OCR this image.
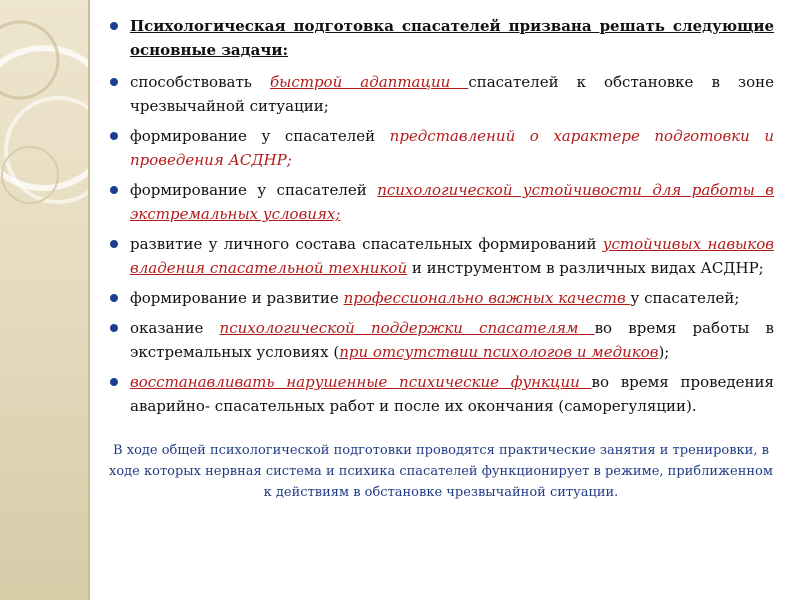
Психологическая подготовка спасателей призвана решать следующие основные задачи:
способствовать быстрой адаптации спасателей к обстановке в зоне чрезвычайной ситуации;
формирование у спасателей представлений о характере подготовки и проведения АСДНР;
формирование у спасателей психологической устойчивости для работы в экстремальных условиях;
развитие у личного состава спасательных формирований устойчивых навыков владения спасательной техникой и инструментом в различных видах АСДНР;
формирование и развитие профессионально важных качеств у спасателей;
оказание психологической поддержки спасателям во время работы в экстремальных условиях (при отсутствии психологов и медиков);
восстанавливать нарушенные психические функции во время проведения аварийно- спасательных работ и после их окончания (саморегуляции).
В ходе общей психологической подготовки проводятся практические занятия и тренировки, в ходе которых нервная система и психика спасателей функционирует в режиме, приближенном к действиям в обстановке чрезвычайной ситуации.
